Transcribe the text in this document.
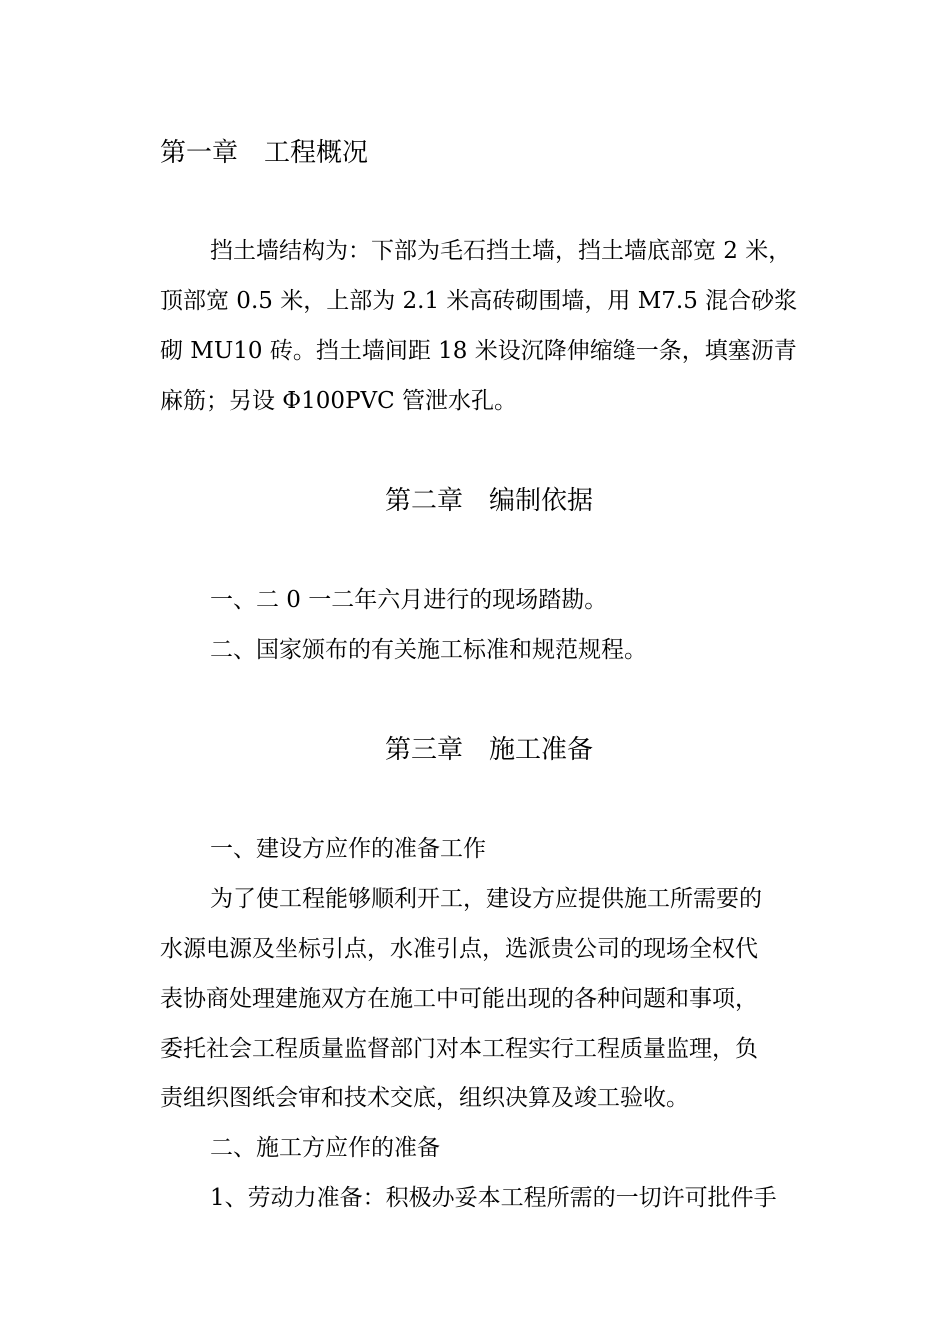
第一章　工程概况
挡土墙结构为：下部为毛石挡土墙，挡土墙底部宽 2 米，
顶部宽 0.5 米，上部为 2.1 米高砖砌围墙，用 M7.5 混合砂浆
砌 MU10 砖。挡土墙间距 18 米设沉降伸缩缝一条，填塞沥青
麻筋；另设 Φ100PVC 管泄水孔。
第二章　编制依据
一、二 0 一二年六月进行的现场踏勘。
二、国家颁布的有关施工标准和规范规程。
第三章　施工准备
一、建设方应作的准备工作
为了使工程能够顺利开工，建设方应提供施工所需要的
水源电源及坐标引点，水准引点，选派贵公司的现场全权代
表协商处理建施双方在施工中可能出现的各种问题和事项，
委托社会工程质量监督部门对本工程实行工程质量监理，负
责组织图纸会审和技术交底，组织决算及竣工验收。
二、施工方应作的准备
1、劳动力准备：积极办妥本工程所需的一切许可批件手
